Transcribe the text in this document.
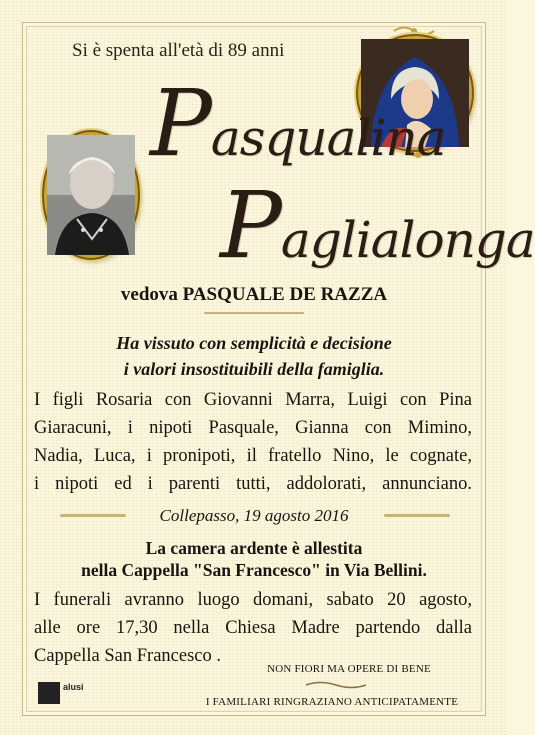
Si è spenta all'età di 89 anni
Pasqualina
Paglialonga
vedova PASQUALE DE RAZZA
Ha vissuto con semplicità e decisione
i valori insostituibili della famiglia.
I figli Rosaria con Giovanni Marra, Luigi con Pina
Giaracuni, i nipoti Pasquale, Gianna con Mimino,
Nadia, Luca, i pronipoti, il fratello Nino, le cognate,
i nipoti ed i parenti tutti, addolorati, annunciano.
Collepasso, 19 agosto 2016
La camera ardente è allestita
nella Cappella "San Francesco" in Via Bellini.
I funerali avranno luogo domani, sabato 20 agosto,
alle ore 17,30 nella Chiesa Madre partendo dalla
Cappella San Francesco .
NON FIORI MA OPERE DI BENE
I FAMILIARI RINGRAZIANO ANTICIPATAMENTE
alusi
